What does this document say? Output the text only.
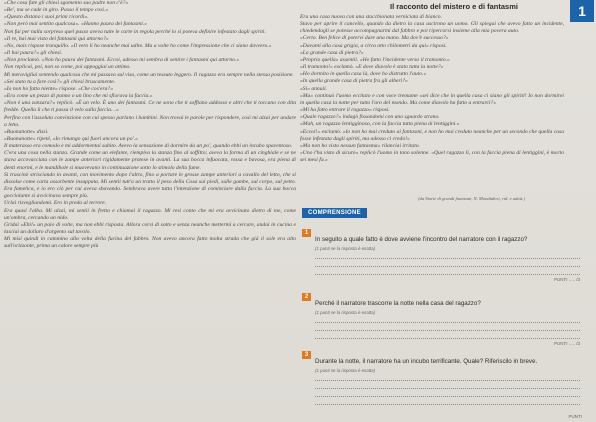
Il racconto del mistero e di fantasmi	1

«Che cosa fate gli chiesi sgomento suo padre non c'è?»

«Be', ma se cade in giro. Passo il tempo così.»

«Questo distano i suoi primi ricordi».

«Non però mai sentito qualcosa». «Hanno paura dei fantasmi.»

Non fui per nulla sorpreso quel passo aveva tutte le carte in regola perché lo si poteva definire infestato dagli spiriti.

«Il re, hai mai visto dei fantasmi qui attorno?»

«No, mais rispose tranquillo. «Il vero li ho neanche mai udite. Ma a volte ho come l'impressione che ci siano davvero.»

«Il hai paura?» gli chiesi.

«Non proclamò. «Non ho paura dei fantasmi. Eccoi, adesso mi sembra di sentire i fantasmi qui attorno.»

Non replicai, poi, non so come, poi appoggiai un attimo.

Mi meravigliai sentendo qualcosa che mi passava sul viso, come un tessuto leggero. Il ragazzo era sempre nella stessa posizione.

«Sei stato tu a fare così?» gli chiesi bruscamente.

«Io non ho fatto niente» rispose. «Che cos'era?»

«Era come un pezzo di panno o un lino che mi sfiorava la faccia.»

«Non è una zanzara?» replicò. «È un velo. È uno dei fantasmi. Ce ne sono che ti soffiano addosso e altri che ti toccano con dita fredde. Quella lì che ti passa il velo sulla faccia…»

Perfino con l'assoluta convinzione con cui spesso parlano i bambini. Non trovai le parole per rispondere, così mi alzai per andare a letto.

«Buonanotte» dissi.

«Buonanotte» ripeté, «Io rimango qui fuori ancora un po'.»

Il materasso era comodo e mi addormentai subito. Avevo la sensazione di dormire da un po', quando ebbi un incubo spaventoso.

C'era una cosa nella stanza. Grande come un elefante, riempiva la stanza fino al soffitto; aveva la forma di un cinghiale e se ne stava accovacciata con le zampe anteriori rigidamente protese in avanti. La sua bocca infuocata, rossa e bavosa, era piena di denti enormi, e le mandibole si muovevano in continuazione sotto lo stimolo della fame.

Si trascinò strisciando in avanti, con movimento dopo l'altro, fino a portare le grosse zampe anteriori a cavallo del letto, che si dissolse come carta assorbente insuppata. Mi sentii tutt'a un tratto il peso della Cosa sui piedi, sulle gambe, sul corpo, sul petto. Era famelica, e io ero ciò per cui aveva sbavando. Sembrava avere tutta l'intenzione di cominciare dalla faccia. La sua bocca gocciolante si avvicinava sempre più.

Urlai risvegliandomi. Ero in preda al terrore.

Era quasi l'alba. Mi alzai, mi sentii in fretta e chiamai il ragazzo. Mi resi conto che mi era avvicinato dietro di me, come un'ombra, cercando un nido.

Gridai «Ehi!» un paio di volte, ma non ebbi risposta. Allora corsi di sotto e senza neanche mettermi a cercare, andai in cucina e lasciai un dollaro d'argento sul tavolo.

Mi misi quindi in cammino alla volta della fucina del fabbro. Non avevo ancora fatto molta strada che già il sole era alto sull'orizzonte, prima un calore sempre più

Era una casa nuova con una stacchionata verniciata di bianco.

Stavo per aprire il cancello, quando da dietro la casa uscirono un uomo. Gli spiegai che avevo fatto un incidente, chiedendogli se potesse accompagnarmi dal fabbro e poi ripercorsi insieme alla mia povera auto.

«Certo. Ben felice di potervi dare una mano. Ma dov'è successo?»

«Davanti alla casa grigia, a circa otto chilometri da qui» risposi.

«La grande casa di pietra?»

«Proprio quella» assentii. «Ho fatto l'incidente verso il tramonto.»

«Il tramonto!» esclamò. «E dove diavolo è stato tutta la notte?»

«Ho dormito in quella casa là, dove ho distrutto l'auto.»

«In quella grande casa di pietra fra gli alberi?»

«Sì» annuii.

«Ma» continuò l'uomo eccitato e con voce tremante «sei dice che in quella casa ci siano gli spiriti! Io non dormirei in quella casa la notte per tutto l'oro del mondo. Ma come diavolo ha fatto a entrarci?»

«Mi ha fatto entrare il ragazzo» risposi.

«Quale ragazzo?» indagò fissandomi con uno sguardo strano.

«Mah, un ragazzo lentigginoso, con la faccia tutta piena di lentiggini.»

«Eccoi!» esclamò. «Io non ho mai creduto ai fantasmi, e non ho mai creduto neanche per un secondo che quella casa fosse infestata dagli spiriti, ma adesso ci credo!»

«Ma non ho visto nessun fantasma» rilanciai irritato.

«Uno l'ha visto di sicuro» replicò l'uomo in tono solenne. «Quel ragazzo lì, con la faccia piena di lentiggini, è morto sei mesi fa.»

(da Storie di grandi fantasmi, N. Mondadori, rid. e adatt.)
COMPRENSIONE
1
In seguito a quale fatto è dove avviene l'incontro del narratore con il ragazzo?
(1 punti se la risposta è esatta)
PUNTI ..... /3
2
Perché il narratore trascorre la notte nella casa del ragazzo?
(1 punti se la risposta è esatta)
PUNTI ..... /3
3
Durante la notte, il narratore ha un incubo terrificante. Quale? Riferiscilo in breve.
(1 punti se la risposta è esatta)
PUNTI
